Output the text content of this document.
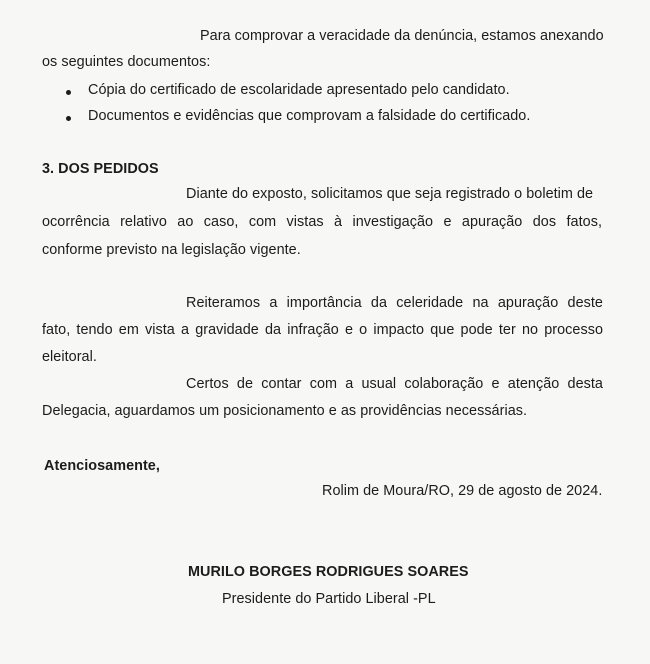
Para comprovar a veracidade da denúncia, estamos anexando
os seguintes documentos:
Cópia do certificado de escolaridade apresentado pelo candidato.
Documentos e evidências que comprovam a falsidade do certificado.
3. DOS PEDIDOS
Diante do exposto, solicitamos que seja registrado o boletim de
ocorrência relativo ao caso, com vistas à investigação e apuração dos fatos,
conforme previsto na legislação vigente.
Reiteramos a importância da celeridade na apuração deste
fato, tendo em vista a gravidade da infração e o impacto que pode ter no processo
eleitoral.
Certos de contar com a usual colaboração e atenção desta
Delegacia, aguardamos um posicionamento e as providências necessárias.
Atenciosamente,
Rolim de Moura/RO, 29 de agosto de 2024.
MURILO BORGES RODRIGUES SOARES
Presidente do Partido Liberal -PL
